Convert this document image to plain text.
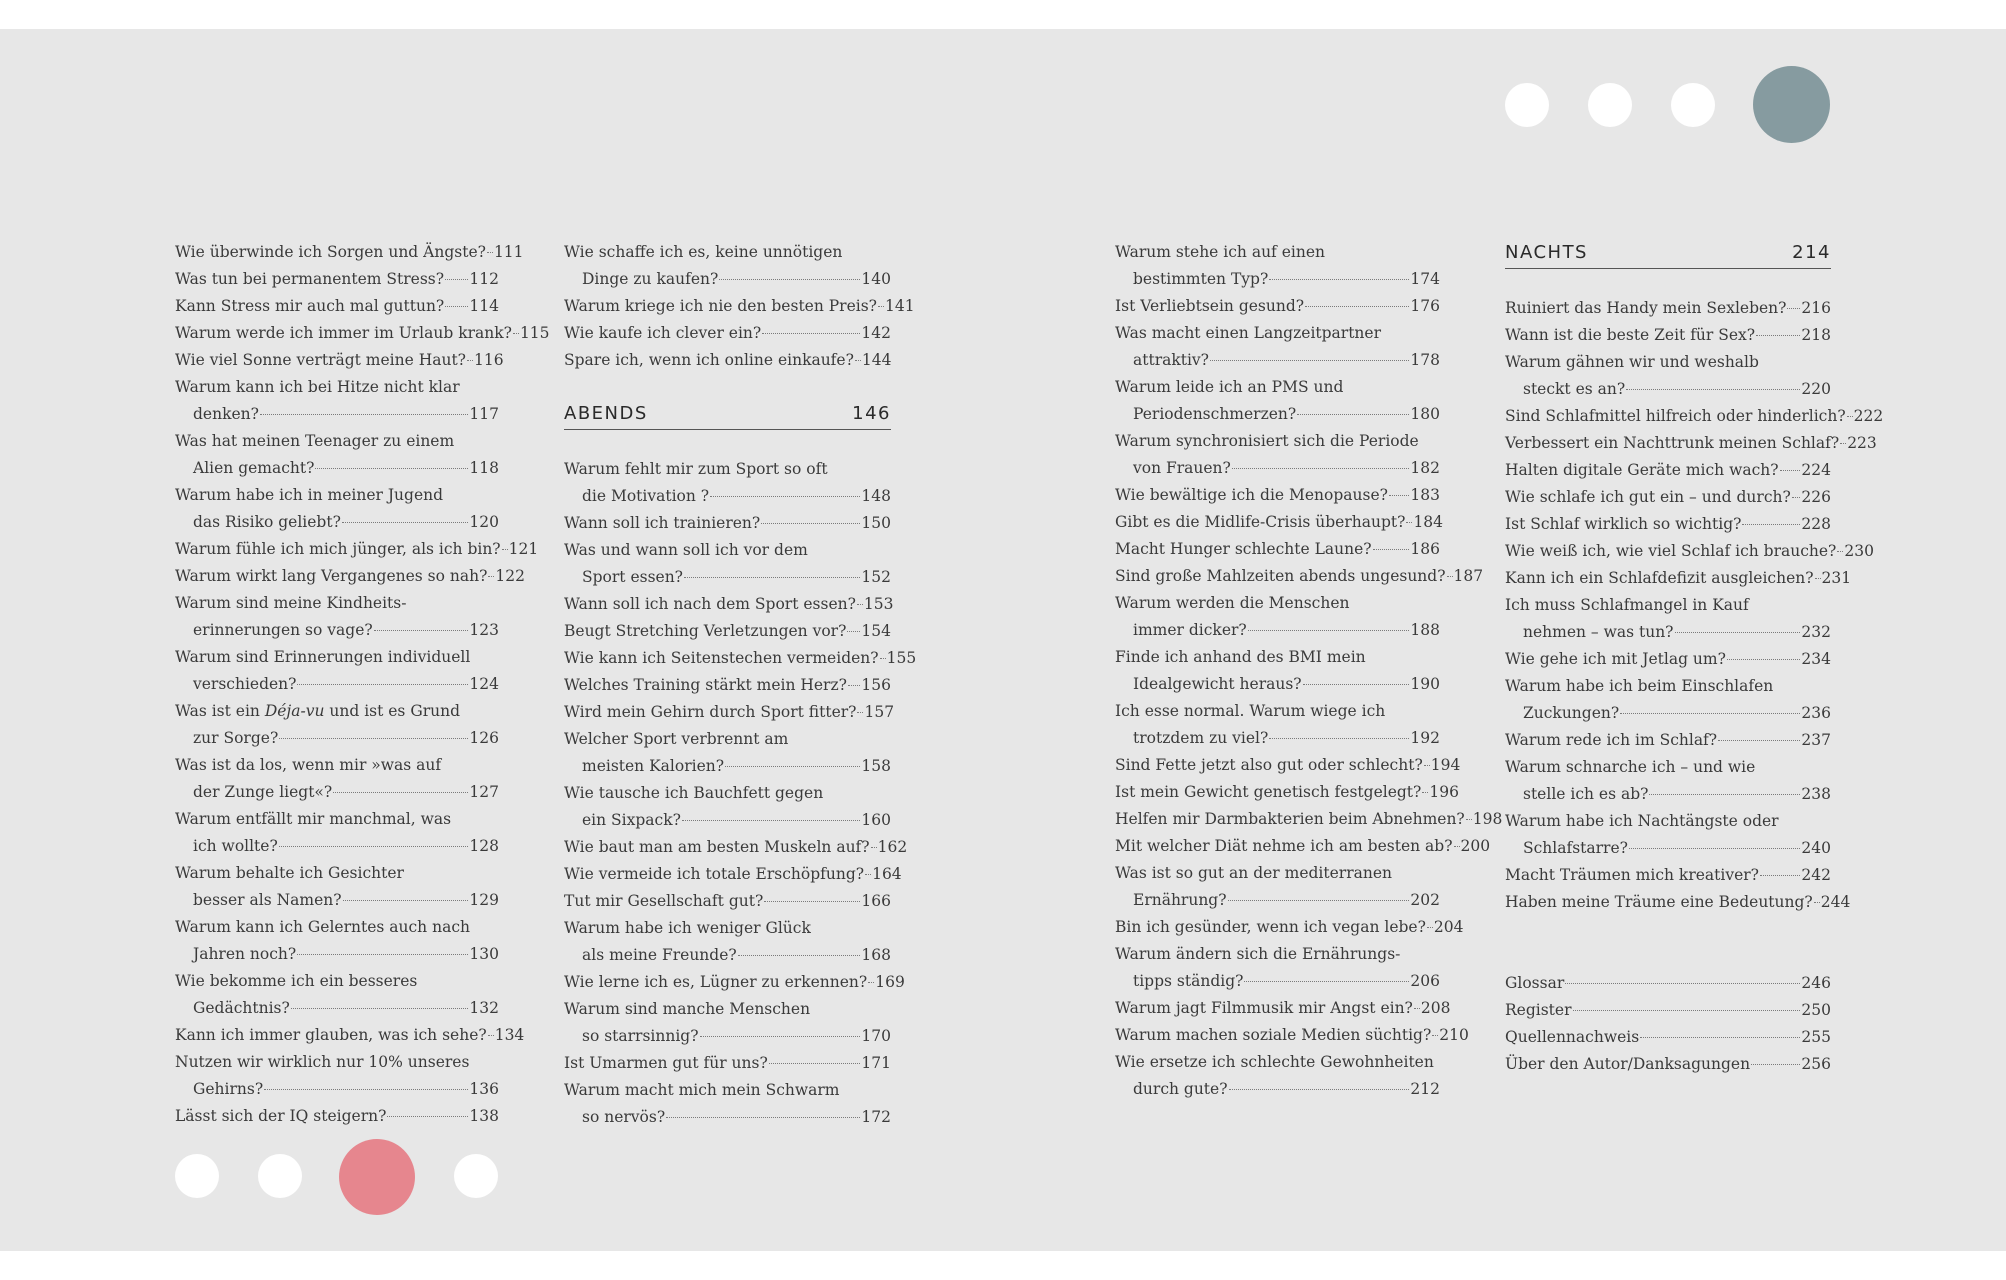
Wie überwinde ich Sorgen und Ängste? 111
Was tun bei permanentem Stress? 112
Kann Stress mir auch mal guttun? 114
Warum werde ich immer im Urlaub krank? 115
Wie viel Sonne verträgt meine Haut? 116
Warum kann ich bei Hitze nicht klar
denken?	117
Was hat meinen Teenager zu einem
Alien gemacht?	118
Warum habe ich in meiner Jugend
das Risiko geliebt?	120
Warum fühle ich mich jünger, als ich bin? 121
Warum wirkt lang Vergangenes so nah? 122
Warum sind meine Kindheits-
erinnerungen so vage?	123
Warum sind Erinnerungen individuell
verschieden?	124
Was ist ein Déja-vu und ist es Grund
zur Sorge?	126
Was ist da los, wenn mir »was auf
der Zunge liegt«?	127
Warum entfällt mir manchmal, was
ich wollte?	128
Warum behalte ich Gesichter
besser als Namen?	129
Warum kann ich Gelerntes auch nach
Jahren noch?	130
Wie bekomme ich ein besseres
Gedächtnis?	132
Kann ich immer glauben, was ich sehe? 134
Nutzen wir wirklich nur 10% unseres
Gehirns?	136
Lässt sich der IQ steigern?	138
Wie schaffe ich es, keine unnötigen
Dinge zu kaufen?	140
Warum kriege ich nie den besten Preis? 141
Wie kaufe ich clever ein?	142
Spare ich, wenn ich online einkaufe? 144
ABENDS	146
Warum fehlt mir zum Sport so oft
die Motivation ?	148
Wann soll ich trainieren?	150
Was und wann soll ich vor dem
Sport essen?	152
Wann soll ich nach dem Sport essen? 153
Beugt Stretching Verletzungen vor? 154
Wie kann ich Seitenstechen vermeiden? 155
Welches Training stärkt mein Herz? 156
Wird mein Gehirn durch Sport fitter? 157
Welcher Sport verbrennt am
meisten Kalorien?	158
Wie tausche ich Bauchfett gegen
ein Sixpack?	160
Wie baut man am besten Muskeln auf? 162
Wie vermeide ich totale Erschöpfung? 164
Tut mir Gesellschaft gut?	166
Warum habe ich weniger Glück
als meine Freunde?	168
Wie lerne ich es, Lügner zu erkennen? 169
Warum sind manche Menschen
so starrsinnig?	170
Ist Umarmen gut für uns?	171
Warum macht mich mein Schwarm
so nervös?	172
Warum stehe ich auf einen
bestimmten Typ?	174
Ist Verliebtsein gesund?	176
Was macht einen Langzeitpartner
attraktiv?	178
Warum leide ich an PMS und
Periodenschmerzen?	180
Warum synchronisiert sich die Periode
von Frauen?	182
Wie bewältige ich die Menopause? 183
Gibt es die Midlife-Crisis überhaupt? 184
Macht Hunger schlechte Laune?	186
Sind große Mahlzeiten abends ungesund? 187
Warum werden die Menschen
immer dicker?	188
Finde ich anhand des BMI mein
Idealgewicht heraus?	190
Ich esse normal. Warum wiege ich
trotzdem zu viel?	192
Sind Fette jetzt also gut oder schlecht? 194
Ist mein Gewicht genetisch festgelegt? 196
Helfen mir Darmbakterien beim Abnehmen? 198
Mit welcher Diät nehme ich am besten ab? 200
Was ist so gut an der mediterranen
Ernährung?	202
Bin ich gesünder, wenn ich vegan lebe? 204
Warum ändern sich die Ernährungs-
tipps ständig?	206
Warum jagt Filmmusik mir Angst ein? 208
Warum machen soziale Medien süchtig? 210
Wie ersetze ich schlechte Gewohnheiten
durch gute?	212
NACHTS	214
Ruiniert das Handy mein Sexleben? 216
Wann ist die beste Zeit für Sex?	218
Warum gähnen wir und weshalb
steckt es an?	220
Sind Schlafmittel hilfreich oder hinderlich? 222
Verbessert ein Nachttrunk meinen Schlaf? 223
Halten digitale Geräte mich wach? 224
Wie schlafe ich gut ein – und durch? 226
Ist Schlaf wirklich so wichtig?	228
Wie weiß ich, wie viel Schlaf ich brauche? 230
Kann ich ein Schlafdefizit ausgleichen? 231
Ich muss Schlafmangel in Kauf
nehmen – was tun?	232
Wie gehe ich mit Jetlag um?	234
Warum habe ich beim Einschlafen
Zuckungen?	236
Warum rede ich im Schlaf?	237
Warum schnarche ich – und wie
stelle ich es ab?	238
Warum habe ich Nachtängste oder
Schlafstarre?	240
Macht Träumen mich kreativer?	242
Haben meine Träume eine Bedeutung? 244
Glossar	246
Register	250
Quellennachweis	255
Über den Autor/Danksagungen	256
